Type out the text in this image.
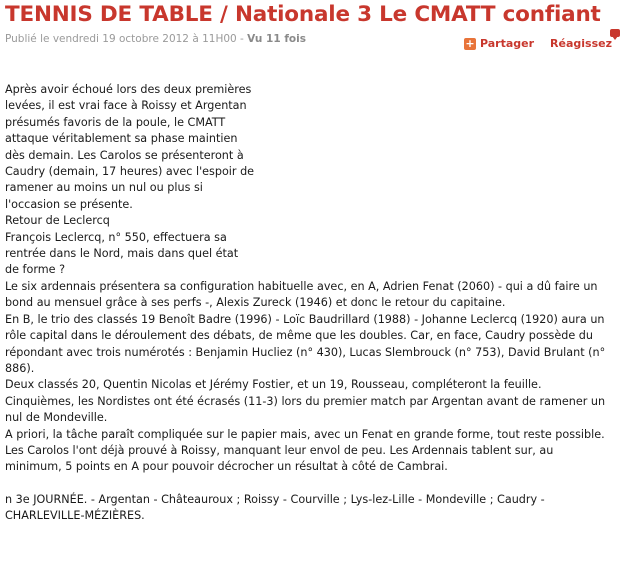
TENNIS DE TABLE / Nationale 3 Le CMATT confiant
Publié le vendredi 19 octobre 2012 à 11H00 - Vu 11 fois	+ Partager Réagissez

Après avoir échoué lors des deux premières levées, il est vrai face à Roissy et Argentan présumés favoris de la poule, le CMATT attaque véritablement sa phase maintien dès demain. Les Carolos se présenteront à Caudry (demain, 17 heures) avec l'espoir de ramener au moins un nul ou plus si l'occasion se présente.

Retour de Leclercq

François Leclercq, n° 550, effectuera sa rentrée dans le Nord, mais dans quel état de forme ?

Le six ardennais présentera sa configuration habituelle avec, en A, Adrien Fenat (2060) - qui a dû faire un bond au mensuel grâce à ses perfs -, Alexis Zureck (1946) et donc le retour du capitaine.

En B, le trio des classés 19 Benoît Badre (1996) - Loïc Baudrillard (1988) - Johanne Leclercq (1920) aura un rôle capital dans le déroulement des débats, de même que les doubles. Car, en face, Caudry possède du répondant avec trois numérotés : Benjamin Hucliez (n° 430), Lucas Slembrouck (n° 753), David Brulant (n° 886).

Deux classés 20, Quentin Nicolas et Jérémy Fostier, et un 19, Rousseau, compléteront la feuille.

Cinquièmes, les Nordistes ont été écrasés (11-3) lors du premier match par Argentan avant de ramener un nul de Mondeville.

A priori, la tâche paraît compliquée sur le papier mais, avec un Fenat en grande forme, tout reste possible.

Les Carolos l'ont déjà prouvé à Roissy, manquant leur envol de peu. Les Ardennais tablent sur, au minimum, 5 points en A pour pouvoir décrocher un résultat à côté de Cambrai.

n 3e JOURNÉE. - Argentan - Châteauroux ; Roissy - Courville ; Lys-lez-Lille - Mondeville ; Caudry - CHARLEVILLE-MÉZIÈRES.
